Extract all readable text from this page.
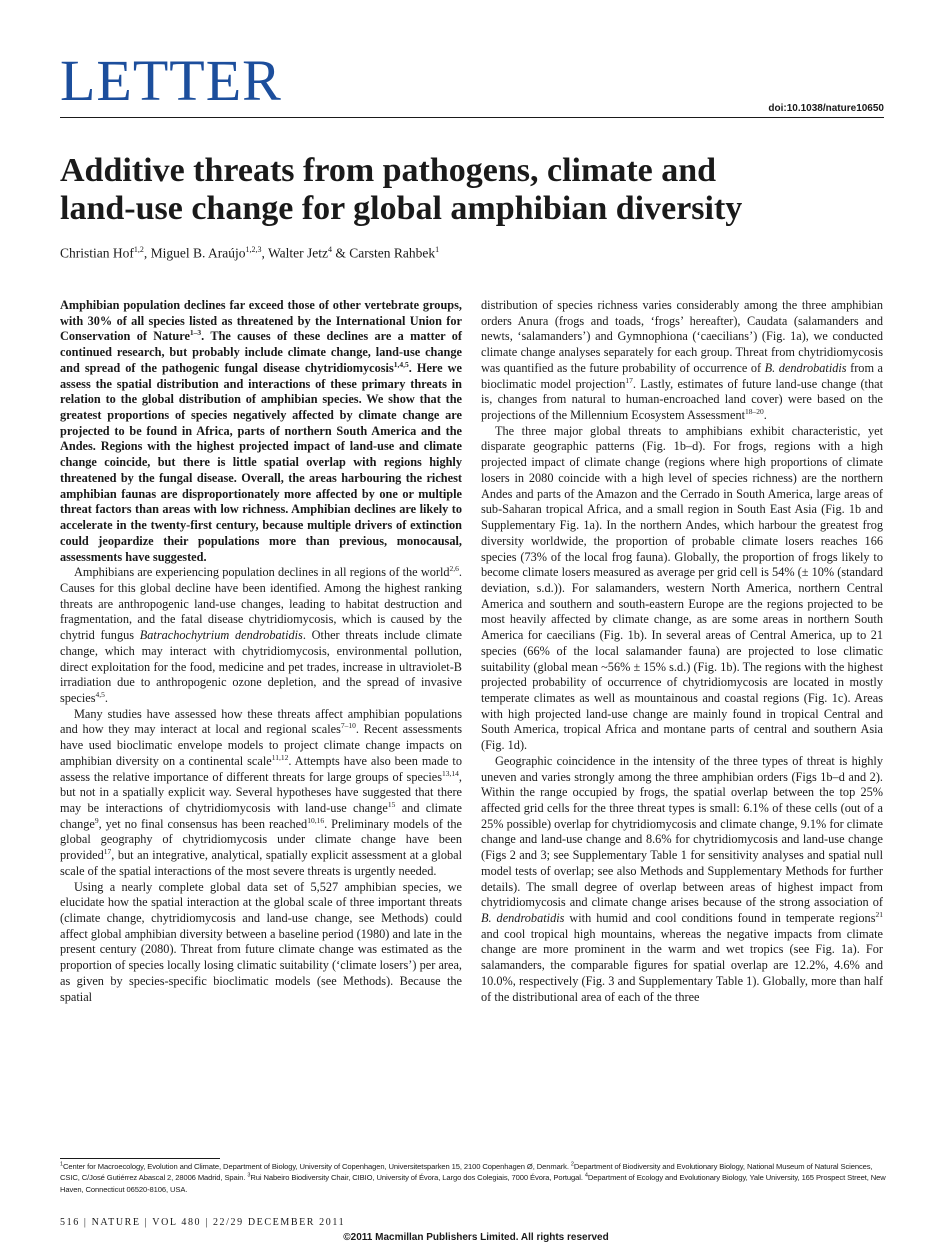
LETTER	doi:10.1038/nature10650
Additive threats from pathogens, climate and
land-use change for global amphibian diversity
Christian Hof$^{1,2}$, Miguel B. Araújo$^{1,2,3}$, Walter Jetz$^4$ & Carsten Rahbek$^1$

Amphibian population declines far exceed those of other vertebrate groups, with 30% of all species listed as threatened by the International Union for Conservation of Nature$^{1-3}$. The causes of these declines are a matter of continued research, but probably include climate change, land-use change and spread of the pathogenic fungal disease chytridiomycosis$^{1,4,5}$. Here we assess the spatial distribution and interactions of these primary threats in relation to the global distribution of amphibian species. We show that the greatest proportions of species negatively affected by climate change are projected to be found in Africa, parts of northern South America and the Andes. Regions with the highest projected impact of land-use and climate change coincide, but there is little spatial overlap with regions highly threatened by the fungal disease. Overall, the areas harbouring the richest amphibian faunas are disproportionately more affected by one or multiple threat factors than areas with low richness. Amphibian declines are likely to accelerate in the twenty-first century, because multiple drivers of extinction could jeopardize their populations more than previous, monocausal, assessments have suggested.

Amphibians are experiencing population declines in all regions of the world$^{2,6}$. Causes for this global decline have been identified. Among the highest ranking threats are anthropogenic land-use changes, leading to habitat destruction and fragmentation, and the fatal disease chytridiomycosis, which is caused by the chytrid fungus Batrachochytrium dendrobatidis. Other threats include climate change, which may interact with chytridiomycosis, environmental pollution, direct exploitation for the food, medicine and pet trades, increase in ultraviolet-B irradiation due to anthropogenic ozone depletion, and the spread of invasive species$^{4,5}$.

Many studies have assessed how these threats affect amphibian populations and how they may interact at local and regional scales$^{7-10}$. Recent assessments have used bioclimatic envelope models to project climate change impacts on amphibian diversity on a continental scale$^{11,12}$. Attempts have also been made to assess the relative importance of different threats for large groups of species$^{13,14}$, but not in a spatially explicit way. Several hypotheses have suggested that there may be interactions of chytridiomycosis with land-use change$^{15}$ and climate change$^9$, yet no final consensus has been reached$^{10,16}$. Preliminary models of the global geography of chytridiomycosis under climate change have been provided$^{17}$, but an integrative, analytical, spatially explicit assessment at a global scale of the spatial interactions of the most severe threats is urgently needed.

Using a nearly complete global data set of 5,527 amphibian species, we elucidate how the spatial interaction at the global scale of three important threats (climate change, chytridiomycosis and land-use change, see Methods) could affect global amphibian diversity between a baseline period (1980) and late in the present century (2080). Threat from future climate change was estimated as the proportion of species locally losing climatic suitability (‘climate losers’) per area, as given by species-specific bioclimatic models (see Methods). Because the spatial

distribution of species richness varies considerably among the three amphibian orders Anura (frogs and toads, ‘frogs’ hereafter), Caudata (salamanders and newts, ‘salamanders’) and Gymnophiona (‘caecilians’) (Fig. 1a), we conducted climate change analyses separately for each group. Threat from chytridiomycosis was quantified as the future probability of occurrence of B. dendrobatidis from a bioclimatic model projection$^{17}$. Lastly, estimates of future land-use change (that is, changes from natural to human-encroached land cover) were based on the projections of the Millennium Ecosystem Assessment$^{18-20}$.

The three major global threats to amphibians exhibit characteristic, yet disparate geographic patterns (Fig. 1b–d). For frogs, regions with a high projected impact of climate change (regions where high proportions of climate losers in 2080 coincide with a high level of species richness) are the northern Andes and parts of the Amazon and the Cerrado in South America, large areas of sub-Saharan tropical Africa, and a small region in South East Asia (Fig. 1b and Supplementary Fig. 1a). In the northern Andes, which harbour the greatest frog diversity worldwide, the proportion of probable climate losers reaches 166 species (73% of the local frog fauna). Globally, the proportion of frogs likely to become climate losers measured as average per grid cell is 54% (± 10% (standard deviation, s.d.)). For salamanders, western North America, northern Central America and southern and south-eastern Europe are the regions projected to be most heavily affected by climate change, as are some areas in northern South America for caecilians (Fig. 1b). In several areas of Central America, up to 21 species (66% of the local salamander fauna) are projected to lose climatic suitability (global mean ~56% ± 15% s.d.) (Fig. 1b). The regions with the highest projected probability of occurrence of chytridiomycosis are located in mostly temperate climates as well as mountainous and coastal regions (Fig. 1c). Areas with high projected land-use change are mainly found in tropical Central and South America, tropical Africa and montane parts of central and southern Asia (Fig. 1d).

Geographic coincidence in the intensity of the three types of threat is highly uneven and varies strongly among the three amphibian orders (Figs 1b–d and 2). Within the range occupied by frogs, the spatial overlap between the top 25% affected grid cells for the three threat types is small: 6.1% of these cells (out of a 25% possible) overlap for chytridiomycosis and climate change, 9.1% for climate change and land-use change and 8.6% for chytridiomycosis and land-use change (Figs 2 and 3; see Supplementary Table 1 for sensitivity analyses and spatial null model tests of overlap; see also Methods and Supplementary Methods for further details). The small degree of overlap between areas of highest impact from chytridiomycosis and climate change arises because of the strong association of B. dendrobatidis with humid and cool conditions found in temperate regions$^{21}$ and cool tropical high mountains, whereas the negative impacts from climate change are more prominent in the warm and wet tropics (see Fig. 1a). For salamanders, the comparable figures for spatial overlap are 12.2%, 4.6% and 10.0%, respectively (Fig. 3 and Supplementary Table 1). Globally, more than half of the distributional area of each of the three

$^1$Center for Macroecology, Evolution and Climate, Department of Biology, University of Copenhagen, Universitetsparken 15, 2100 Copenhagen Ø, Denmark. $^2$Department of Biodiversity and Evolutionary Biology, National Museum of Natural Sciences, CSIC, C/José Gutiérrez Abascal 2, 28006 Madrid, Spain. $^3$Rui Nabeiro Biodiversity Chair, CIBIO, University of Évora, Largo dos Colegiais, 7000 Évora, Portugal. $^4$Department of Ecology and Evolutionary Biology, Yale University, 165 Prospect Street, New Haven, Connecticut 06520-8106, USA.

516 | NATURE | VOL 480 | 22/29 DECEMBER 2011
©2011 Macmillan Publishers Limited. All rights reserved
